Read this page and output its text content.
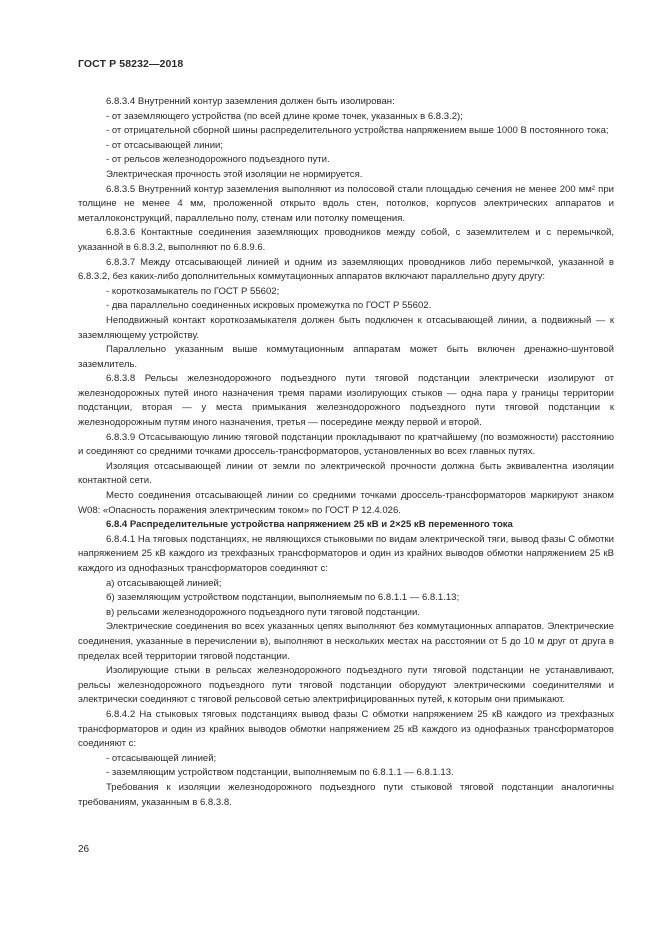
ГОСТ Р 58232—2018

6.8.3.4 Внутренний контур заземления должен быть изолирован:

- от заземляющего устройства (по всей длине кроме точек, указанных в 6.8.3.2);

- от отрицательной сборной шины распределительного устройства напряжением выше 1000 В постоянного тока;

- от отсасывающей линии;

- от рельсов железнодорожного подъездного пути.

Электрическая прочность этой изоляции не нормируется.

6.8.3.5 Внутренний контур заземления выполняют из полосовой стали площадью сечения не менее 200 мм² при толщине не менее 4 мм, проложенной открыто вдоль стен, потолков, корпусов электрических аппаратов и металлоконструкций, параллельно полу, стенам или потолку помещения.

6.8.3.6 Контактные соединения заземляющих проводников между собой, с заземлителем и с перемычкой, указанной в 6.8.3.2, выполняют по 6.8.9.6.

6.8.3.7 Между отсасывающей линией и одним из заземляющих проводников либо перемычкой, указанной в 6.8.3.2, без каких-либо дополнительных коммутационных аппаратов включают параллельно другу другу:

- короткозамыкатель по ГОСТ Р 55602;

- два параллельно соединенных искровых промежутка по ГОСТ Р 55602.

Неподвижный контакт короткозамыкателя должен быть подключен к отсасывающей линии, а подвижный — к заземляющему устройству.

Параллельно указанным выше коммутационным аппаратам может быть включен дренажно-шунтовой заземлитель.

6.8.3.8 Рельсы железнодорожного подъездного пути тяговой подстанции электрически изолируют от железнодорожных путей иного назначения тремя парами изолирующих стыков — одна пара у границы территории подстанции, вторая — у места примыкания железнодорожного подъездного пути тяговой подстанции к железнодорожным путям иного назначения, третья — посередине между первой и второй.

6.8.3.9 Отсасывающую линию тяговой подстанции прокладывают по кратчайшему (по возможности) расстоянию и соединяют со средними точками дроссель-трансформаторов, установленных во всех главных путях.

Изоляция отсасывающей линии от земли по электрической прочности должна быть эквивалентна изоляции контактной сети.

Место соединения отсасывающей линии со средними точками дроссель-трансформаторов маркируют знаком W08: «Опасность поражения электрическим током» по ГОСТ Р 12.4.026.

6.8.4 Распределительные устройства напряжением 25 кВ и 2×25 кВ переменного тока

6.8.4.1 На тяговых подстанциях, не являющихся стыковыми по видам электрической тяги, вывод фазы С обмотки напряжением 25 кВ каждого из трехфазных трансформаторов и один из крайних выводов обмотки напряжением 25 кВ каждого из однофазных трансформаторов соединяют с:

а) отсасывающей линией;

б) заземляющим устройством подстанции, выполняемым по 6.8.1.1 — 6.8.1.13;

в) рельсами железнодорожного подъездного пути тяговой подстанции.

Электрические соединения во всех указанных цепях выполняют без коммутационных аппаратов. Электрические соединения, указанные в перечислении в), выполняют в нескольких местах на расстоянии от 5 до 10 м друг от друга в пределах всей территории тяговой подстанции.

Изолирующие стыки в рельсах железнодорожного подъездного пути тяговой подстанции не устанавливают, рельсы железнодорожного подъездного пути тяговой подстанции оборудуют электрическими соединителями и электрически соединяют с тяговой рельсовой сетью электрифицированных путей, к которым они примыкают.

6.8.4.2 На стыковых тяговых подстанциях вывод фазы С обмотки напряжением 25 кВ каждого из трехфазных трансформаторов и один из крайних выводов обмотки напряжением 25 кВ каждого из однофазных трансформаторов соединяют с:

- отсасывающей линией;

- заземляющим устройством подстанции, выполняемым по 6.8.1.1 — 6.8.1.13.

Требования к изоляции железнодорожного подъездного пути стыковой тяговой подстанции аналогичны требованиям, указанным в 6.8.3.8.

26
